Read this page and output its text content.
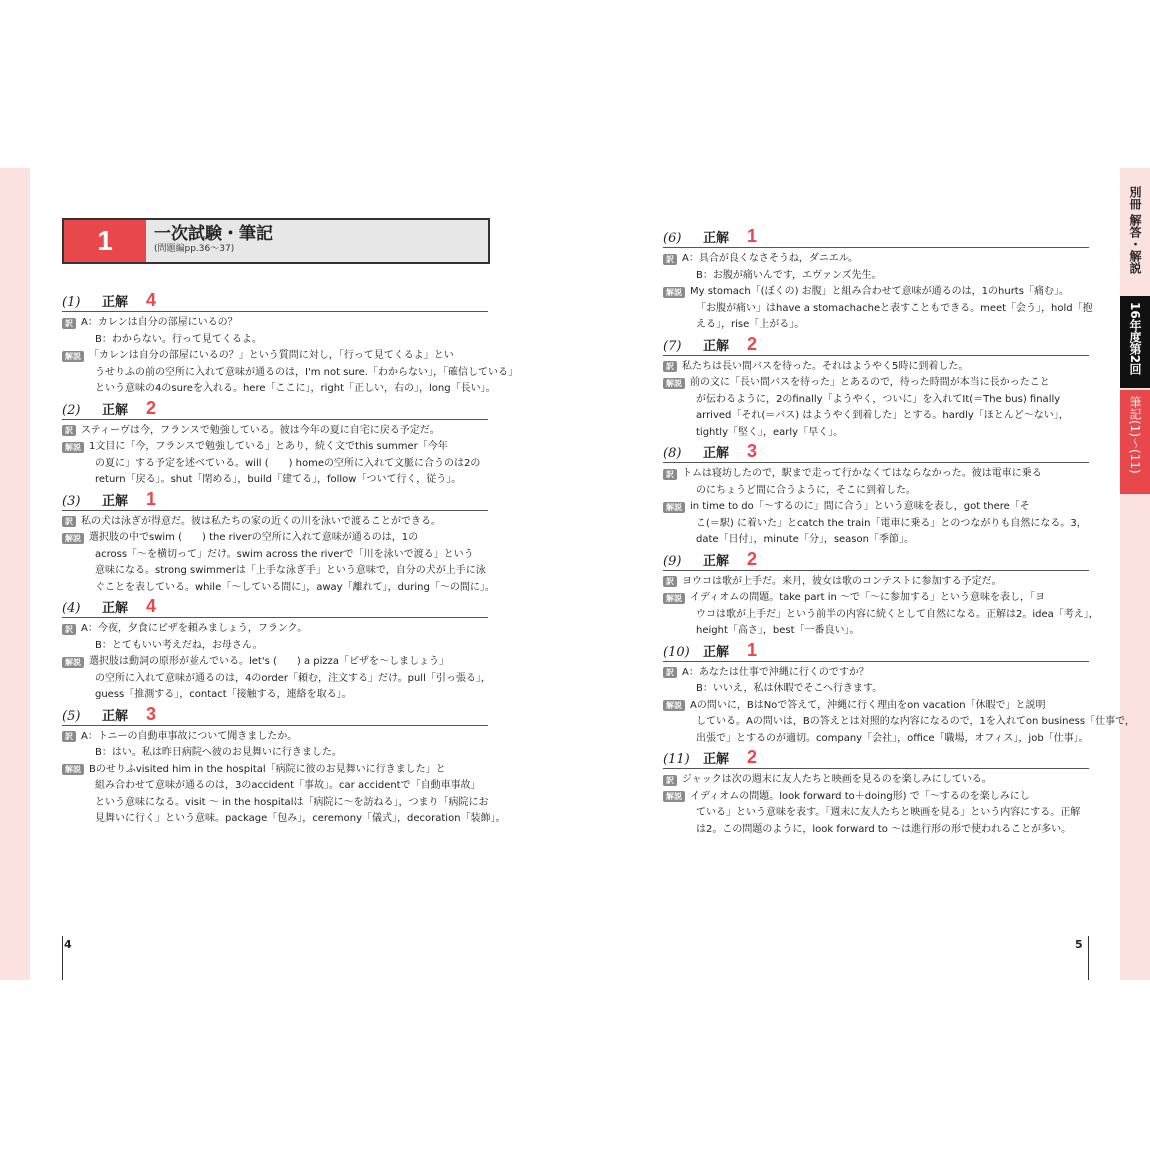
1	一次試験・筆記
(問題編pp.36〜37)
(1)	正解 4
訳 A：カレンは自分の部屋にいるの？
B：わからない。行って見てくるよ。
解説 「カレンは自分の部屋にいるの？」という質問に対し，「行って見てくるよ」とい
うせりふの前の空所に入れて意味が通るのは，I'm not sure.「わからない」，「確信している」
という意味の4のsureを入れる。here「ここに」，right「正しい，右の」，long「長い」。
(2)	正解 2
訳 スティーヴは今，フランスで勉強している。彼は今年の夏に自宅に戻る予定だ。
解説 1文目に「今，フランスで勉強している」とあり，続く文でthis summer「今年
の夏に」する予定を述べている。will (　　) homeの空所に入れて文脈に合うのは2の
return「戻る」。shut「閉める」，build「建てる」，follow「ついて行く，従う」。
(3)	正解 1
訳 私の犬は泳ぎが得意だ。彼は私たちの家の近くの川を泳いで渡ることができる。
解説 選択肢の中でswim (　　) the riverの空所に入れて意味が通るのは，1の
across「〜を横切って」だけ。swim across the riverで「川を泳いで渡る」という
意味になる。strong swimmerは「上手な泳ぎ手」という意味で，自分の犬が上手に泳
ぐことを表している。while「〜している間に」，away「離れて」，during「〜の間に」。
(4)	正解 4
訳 A：今夜，夕食にピザを頼みましょう，フランク。
B：とてもいい考えだね，お母さん。
解説 選択肢は動詞の原形が並んでいる。let's (　　) a pizza「ピザを〜しましょう」
の空所に入れて意味が通るのは，4のorder「頼む，注文する」だけ。pull「引っ張る」，
guess「推測する」，contact「接触する，連絡を取る」。
(5)	正解 3
訳 A：トニーの自動車事故について聞きましたか。
B：はい。私は昨日病院へ彼のお見舞いに行きました。
解説 Bのせりふvisited him in the hospital「病院に彼のお見舞いに行きました」と
組み合わせて意味が通るのは，3のaccident「事故」。car accidentで「自動車事故」
という意味になる。visit 〜 in the hospitalは「病院に〜を訪ねる」，つまり「病院にお
見舞いに行く」という意味。package「包み」，ceremony「儀式」，decoration「装飾」。
4
(6)	正解 1
訳 A：具合が良くなさそうね，ダニエル。
B：お腹が痛いんです，エヴァンズ先生。
解説 My stomach「(ぼくの) お腹」と組み合わせて意味が通るのは，1のhurts「痛む」。
「お腹が痛い」はhave a stomachacheと表すこともできる。meet「会う」，hold「抱
える」，rise「上がる」。
(7)	正解 2
訳 私たちは長い間バスを待った。それはようやく5時に到着した。
解説 前の文に「長い間バスを待った」とあるので，待った時間が本当に長かったこと
が伝わるように，2のfinally「ようやく，ついに」を入れてIt(＝The bus) finally
arrived「それ(＝バス) はようやく到着した」とする。hardly「ほとんど〜ない」，
tightly「堅く」，early「早く」。
(8)	正解 3
訳 トムは寝坊したので，駅まで走って行かなくてはならなかった。彼は電車に乗る
のにちょうど間に合うように，そこに到着した。
解説 in time to do「〜するのに」間に合う」という意味を表し，got there「そ
こ(＝駅) に着いた」とcatch the train「電車に乗る」とのつながりも自然になる。3，
date「日付」，minute「分」，season「季節」。
(9)	正解 2
訳 ヨウコは歌が上手だ。来月，彼女は歌のコンテストに参加する予定だ。
解説 イディオムの問題。take part in 〜で「〜に参加する」という意味を表し，「ヨ
ウコは歌が上手だ」という前半の内容に続くとして自然になる。正解は2。idea「考え」，
height「高さ」，best「一番良い」。
(10)	正解 1
訳 A：あなたは仕事で沖縄に行くのですか？
B：いいえ，私は休暇でそこへ行きます。
解説 Aの問いに，BはNoで答えて，沖縄に行く理由をon vacation「休暇で」と説明
している。Aの問いは，Bの答えとは対照的な内容になるので，1を入れてon business「仕事で，
出張で」とするのが適切。company「会社」，office「職場，オフィス」，job「仕事」。
(11)	正解 2
訳 ジャックは次の週末に友人たちと映画を見るのを楽しみにしている。
解説 イディオムの問題。look forward to＋doing形) で「〜するのを楽しみにし
ている」という意味を表す。「週末に友人たちと映画を見る」という内容にする。正解
は2。この問題のように，look forward to 〜は進行形の形で使われることが多い。
5
別冊 解答・解説
16年度第2回
筆記(1)〜(11)
